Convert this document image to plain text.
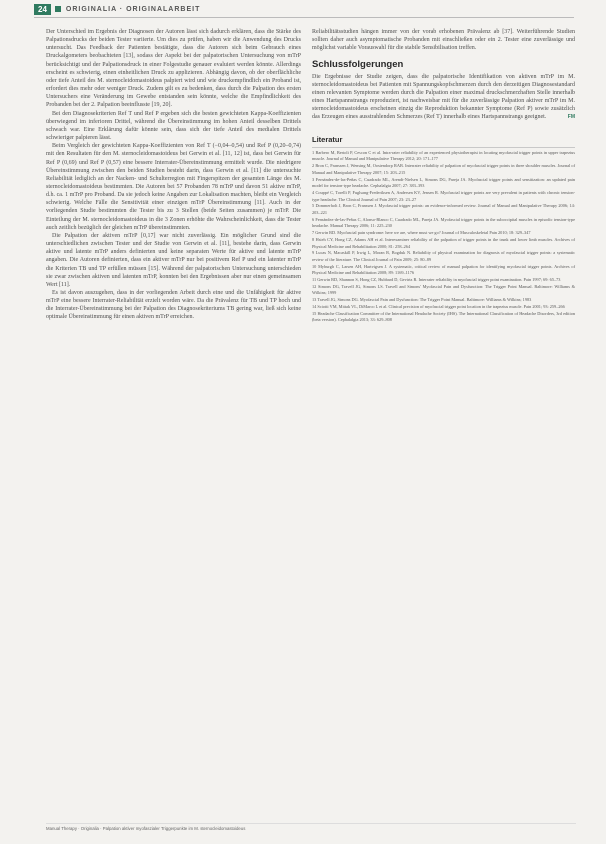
24	ORIGINALIA · ORIGINALARBEIT

Der Unterschied im Ergebnis der Diagnosen der Autoren lässt sich dadurch erklären, dass die Stärke des Palpationsdrucks der beiden Tester variierte. Um dies zu prüfen, haben wir die Anwendung des Drucks untersucht. Das Feedback der Patienten bestätigte, dass die Autoren sich beim Gebrauch eines Druckalgometers beobachteten [13], sodass der Aspekt bei der palpatorischen Untersuchung von mTrP berücksichtigt und der Palpationsdruck in einer Folgestudie genauer evaluiert werden könnte. Allerdings erscheint es schwierig, einen einheitlichen Druck zu applizieren. Abhängig davon, ob der oberflächliche oder tiefe Anteil des M. sternocleidomastoideus palpiert wird und wie druckempfindlich ein Proband ist, erfordert dies mehr oder weniger Druck. Zudem gilt es zu bedenken, dass durch die Palpation des ersten Untersuchers eine Veränderung im Gewebe entstanden sein könnte, welche die Empfindlichkeit des Probanden bei der 2. Palpation beeinflusste [19, 20].

Bei den Diagnosekriterien Ref T und Ref P ergeben sich die besten gewichteten Kappa-Koeffizienten überwiegend im inferioren Drittel, während die Übereinstimmung im hohen Anteil desselben Drittels schwach war. Eine Erklärung dafür könnte sein, dass sich der tiefe Anteil des medialen Drittels schwieriger palpieren lässt.

Beim Vergleich der gewichteten Kappa-Koeffizienten von Ref T (−0,04–0,54) und Ref P (0,20–0,74) mit den Resultaten für den M. sternocleidomastoideus bei Gerwin et al. [11, 12] ist, dass bei Gerwin für Ref P (0,69) und Ref P (0,57) eine bessere Interrater-Übereinstimmung ermittelt wurde. Die niedrigere Übereinstimmung zwischen den beiden Studien besteht darin, dass Gerwin et al. [11] die untersuchte Reliabilität lediglich an der Nacken- und Schulterregion mit Fingerspitzen der gesamten Länge des M. sternocleidomastoideus bestimmten. Die Autoren bei 57 Probanden 78 mTrP und davon 51 aktive mTrP, d.h. ca. 1 mTrP pro Proband. Da sie jedoch keine Angaben zur Lokalisation machten, bleibt ein Vergleich schwierig. Welche Fälle die Sensitivität einer einzigen mTrP Übereinstimmung [11]. Auch in der vorliegenden Studie bestimmten die Tester bis zu 3 Stellen (beide Seiten zusammen) je mTrP. Die Einteilung der M. sternocleidomastoideus in die 3 Zonen erhöhte die Wahrscheinlichkeit, dass die Tester auch zeitlich bezüglich der gleichen mTrP übereinstimmten.

Die Palpation der aktiven mTrP [0,17] war nicht zuverlässig. Ein möglicher Grund sind die unterschiedlichen zwischen Tester und der Studie von Gerwin et al. [11], bestehe darin, dass Gerwin aktive und latente mTrP anders definierten und keine separaten Werte für aktive und latente mTrP angaben. Die Autoren definierten, dass ein aktiver mTrP nur bei positivem Ref P und ein latenter mTrP die Kriterien TB und TP erfüllen müssen [15]. Während der palpatorischen Untersuchung unterschieden sie zwar zwischen aktiven und latenten mTrP, konnten bei den Ergebnissen aber nur einen gemeinsamen Wert [11].

Es ist davon auszugehen, dass in der vorliegenden Arbeit durch eine und die Unfähigkeit für aktive mTrP eine bessere Interrater-Reliabilität erzielt worden wäre. Da die Prävalenz für TB und TP hoch und die Interrater-Übereinstimmung bei der Palpation des Diagnosekriteriums TB gering war, ließ sich keine optimale Übereinstimmung für einen aktiven mTrP erreichen.

Reliabilitätsstudien hängen immer von der vorab erhobenen Prävalenz ab [37]. Weiterführende Studien sollten daher auch asymptomatische Probanden mit einschließen oder ein 2. Tester eine zuverlässige und möglichst variable Vorauswahl für die stabile Sensibilisation treffen.

Schlussfolgerungen

Die Ergebnisse der Studie zeigen, dass die palpatorische Identifikation von aktiven mTrP im M. sternocleidomastoideus bei Patienten mit Spannungskopfschmerzen durch den derzeitigen Diagnosestandard einen relevanten Symptome werden durch die Palpation einer maximal druckschmerzhaften Stelle innerhalb eines Hartspannstrangs reproduziert, ist nachweisbar mit für die zuverlässige Palpation aktiver mTrP im M. sternocleidomastoideus erscheinen einzig die Reproduktion bekannter Symptome (Ref P) sowie zusätzlich das Erzeugen eines ausstrahlenden Schmerzes (Ref T) innerhalb eines Hartspannstrangs geeignet.	FM

Literatur
1 Barbero M, Bertoli P, Cescon C et al. Intra-rater reliability of an experienced physiotherapist in locating myofascial trigger points in upper trapezius muscle. Journal of Manual and Manipulative Therapy 2012; 20: 171–177
2 Bron C, Franssen J, Wensing M, Oostendorp RAB. Interrater reliability of palpation of myofascial trigger points in three shoulder muscles. Journal of Manual and Manipulative Therapy 2007; 15: 203–215
3 Fernández-de-las-Peñas C, Cuadrado ML, Arendt-Nielsen L, Simons DG, Pareja JA. Myofascial trigger points and sensitization: an updated pain model for tension-type headache. Cephalalgia 2007; 27: 383–393
4 Couppé C, Torelli P, Fuglsang-Frederiksen A, Andersen KV, Jensen R. Myofascial trigger points are very prevalent in patients with chronic tension-type headache. The Clinical Journal of Pain 2007; 23: 23–27
5 Dommerholt J, Bron C, Franssen J. Myofascial trigger points: an evidence-informed review. Journal of Manual and Manipulative Therapy 2006; 14: 203–221
6 Fernández-de-las-Peñas C, Alonso-Blanco C, Cuadrado ML, Pareja JA. Myofascial trigger points in the suboccipital muscles in episodic tension-type headache. Manual Therapy 2006; 11: 225–230
7 Gerwin RD. Myofascial pain syndrome: here we are, where must we go? Journal of Musculoskeletal Pain 2010; 18: 329–347
8 Hsieh CY, Hong CZ, Adams AH et al. Interexaminer reliability of the palpation of trigger points in the trunk and lower limb muscles. Archives of Physical Medicine and Rehabilitation 2000; 81: 258–264
9 Lucas N, Macaskill P, Irwig L, Moran R, Bogduk N. Reliability of physical examination for diagnosis of myofascial trigger points: a systematic review of the literature. The Clinical Journal of Pain 2009; 25: 80–89
10 Myburgh C, Larsen AH, Hartvigsen J. A systematic, critical review of manual palpation for identifying myofascial trigger points. Archives of Physical Medicine and Rehabilitation 2008; 89: 1169–1176
11 Gerwin RD, Shannon S, Hong CZ, Hubbard D, Gevirtz R. Interrater reliability in myofascial trigger point examination. Pain 1997; 69: 65–73
12 Simons DG, Travell JG, Simons LS. Travell and Simons' Myofascial Pain and Dysfunction: The Trigger Point Manual. Baltimore: Williams & Wilkins; 1999
13 Travell JG, Simons DG. Myofascial Pain and Dysfunction: The Trigger Point Manual. Baltimore: Williams & Wilkins; 1983
14 Sciotti VM, Mittak VL, DiMarco L et al. Clinical precision of myofascial trigger point location in the trapezius muscle. Pain 2001; 93: 259–266
15 Headache Classification Committee of the International Headache Society (IHS). The International Classification of Headache Disorders, 3rd edition (beta version). Cephalalgia 2013; 33: 629–808
Manual Therapy · Originalia · Palpation aktiver myofaszialer Triggerpunkte im M. sternocleidomastoideus
